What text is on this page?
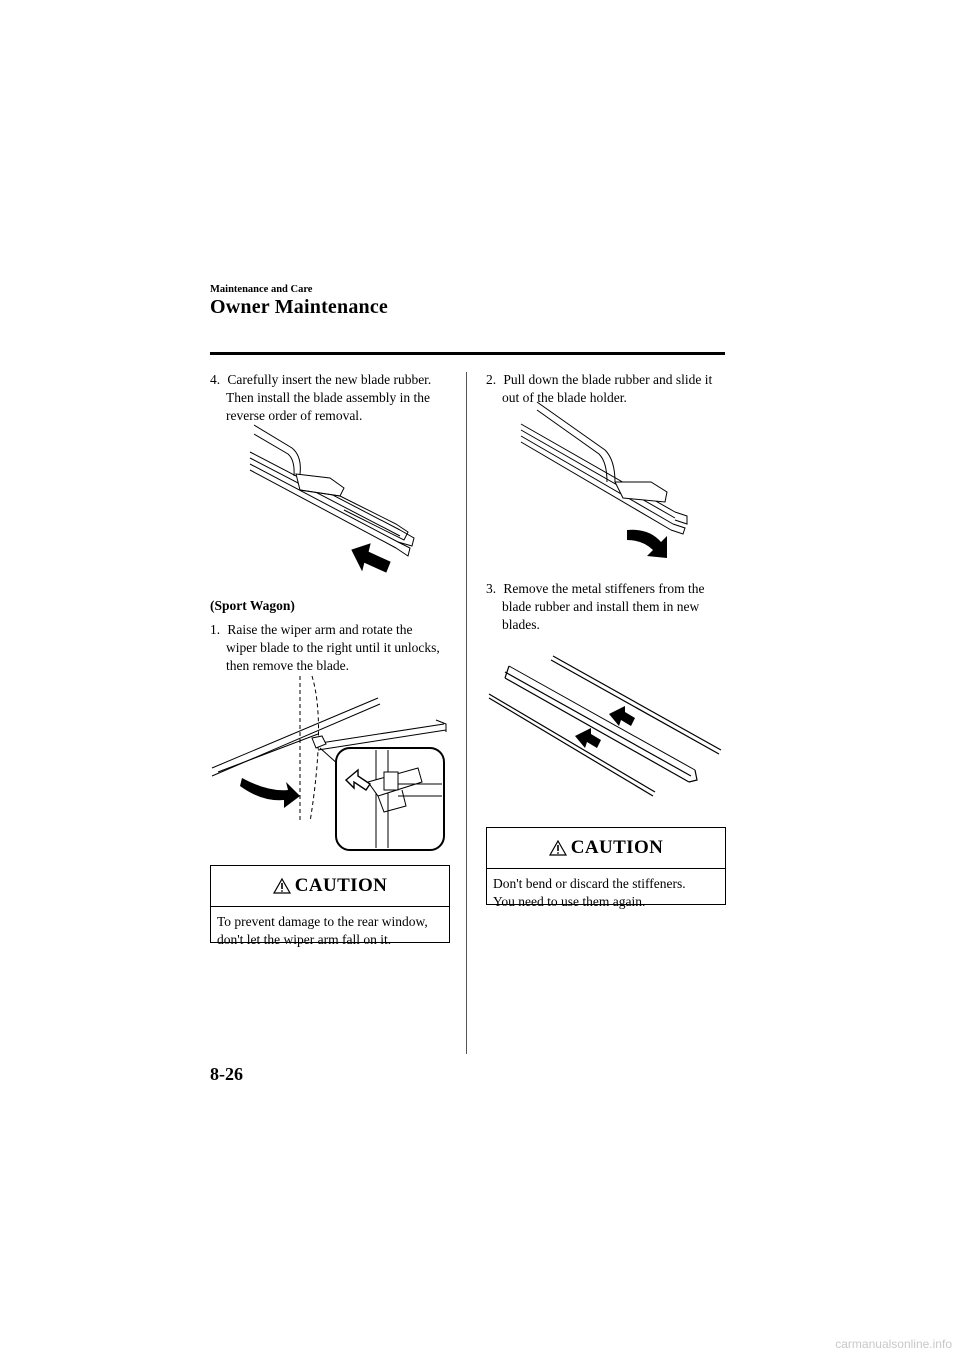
Maintenance and Care
Owner Maintenance
4. Carefully insert the new blade rubber.
Then install the blade assembly in the
reverse order of removal.
(Sport Wagon)
1. Raise the wiper arm and rotate the
wiper blade to the right until it unlocks,
then remove the blade.
CAUTION
To prevent damage to the rear window,
don't let the wiper arm fall on it.
2. Pull down the blade rubber and slide it
out of the blade holder.
3. Remove the metal stiffeners from the
blade rubber and install them in new
blades.
CAUTION
Don't bend or discard the stiffeners.
You need to use them again.
8-26
carmanualsonline.info
